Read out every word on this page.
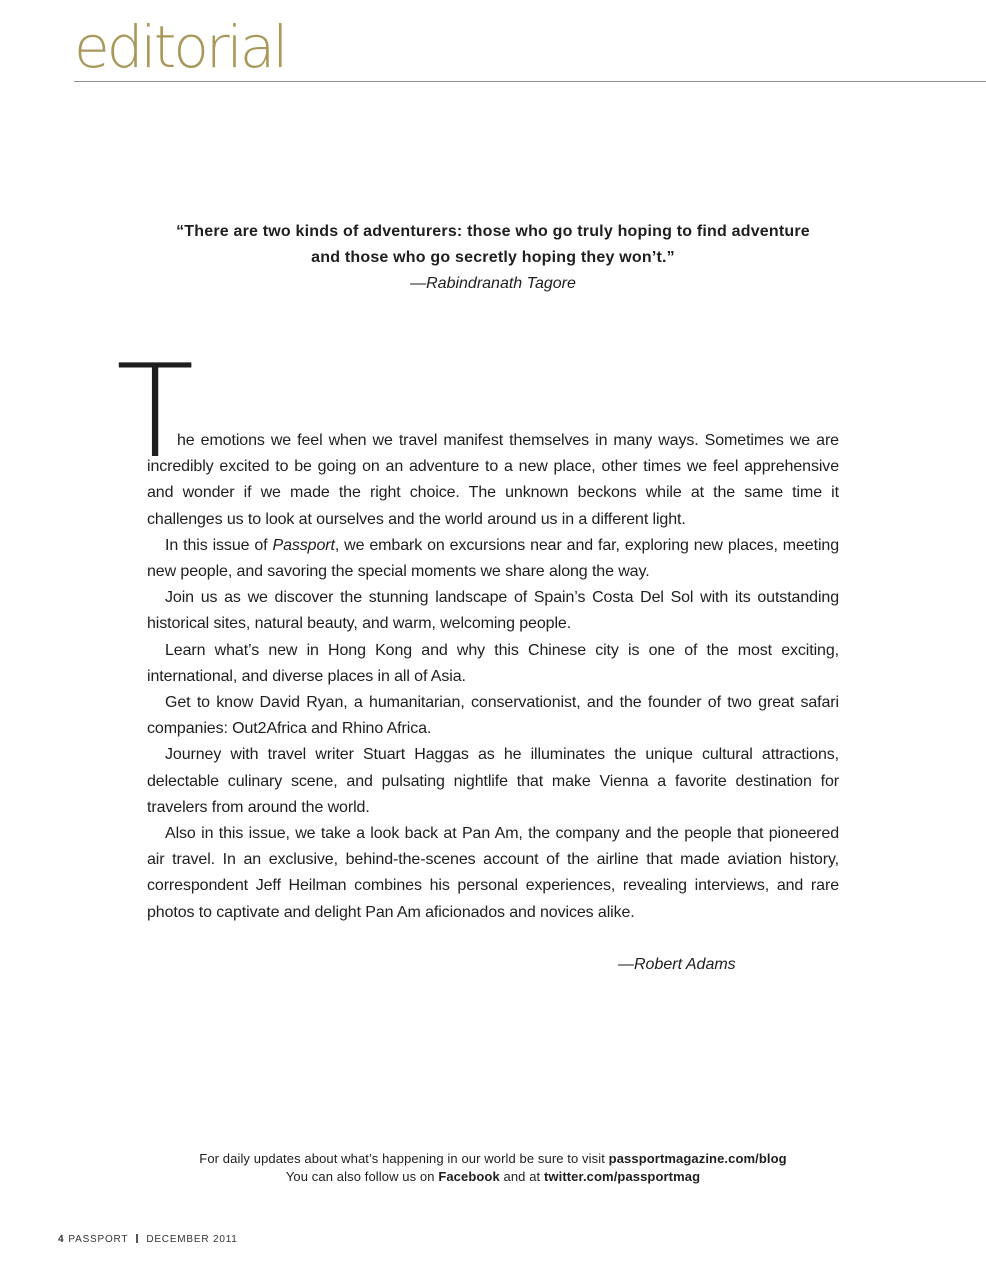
editorial
“There are two kinds of adventurers: those who go truly hoping to find adventure
and those who go secretly hoping they won’t.”
—Rabindranath Tagore
T

he emotions we feel when we travel manifest themselves in many ways. Sometimes we are incredibly excited to be going on an adventure to a new place, other times we feel apprehensive and wonder if we made the right choice. The unknown beckons while at the same time it challenges us to look at ourselves and the world around us in a different light.

In this issue of Passport, we embark on excursions near and far, exploring new places, meeting new people, and savoring the special moments we share along the way.

Join us as we discover the stunning landscape of Spain’s Costa Del Sol with its outstanding historical sites, natural beauty, and warm, welcoming people.

Learn what’s new in Hong Kong and why this Chinese city is one of the most exciting, international, and diverse places in all of Asia.

Get to know David Ryan, a humanitarian, conservationist, and the founder of two great safari companies: Out2Africa and Rhino Africa.

Journey with travel writer Stuart Haggas as he illuminates the unique cultural attractions, delectable culinary scene, and pulsating nightlife that make Vienna a favorite destination for travelers from around the world.

Also in this issue, we take a look back at Pan Am, the company and the people that pioneered air travel. In an exclusive, behind-the-scenes account of the airline that made aviation history, correspondent Jeff Heilman combines his personal experiences, revealing interviews, and rare photos to captivate and delight Pan Am aficionados and novices alike.

—Robert Adams
For daily updates about what’s happening in our world be sure to visit passportmagazine.com/blog
You can also follow us on Facebook and at twitter.com/passportmag
4 PASSPORT DECEMBER 2011
